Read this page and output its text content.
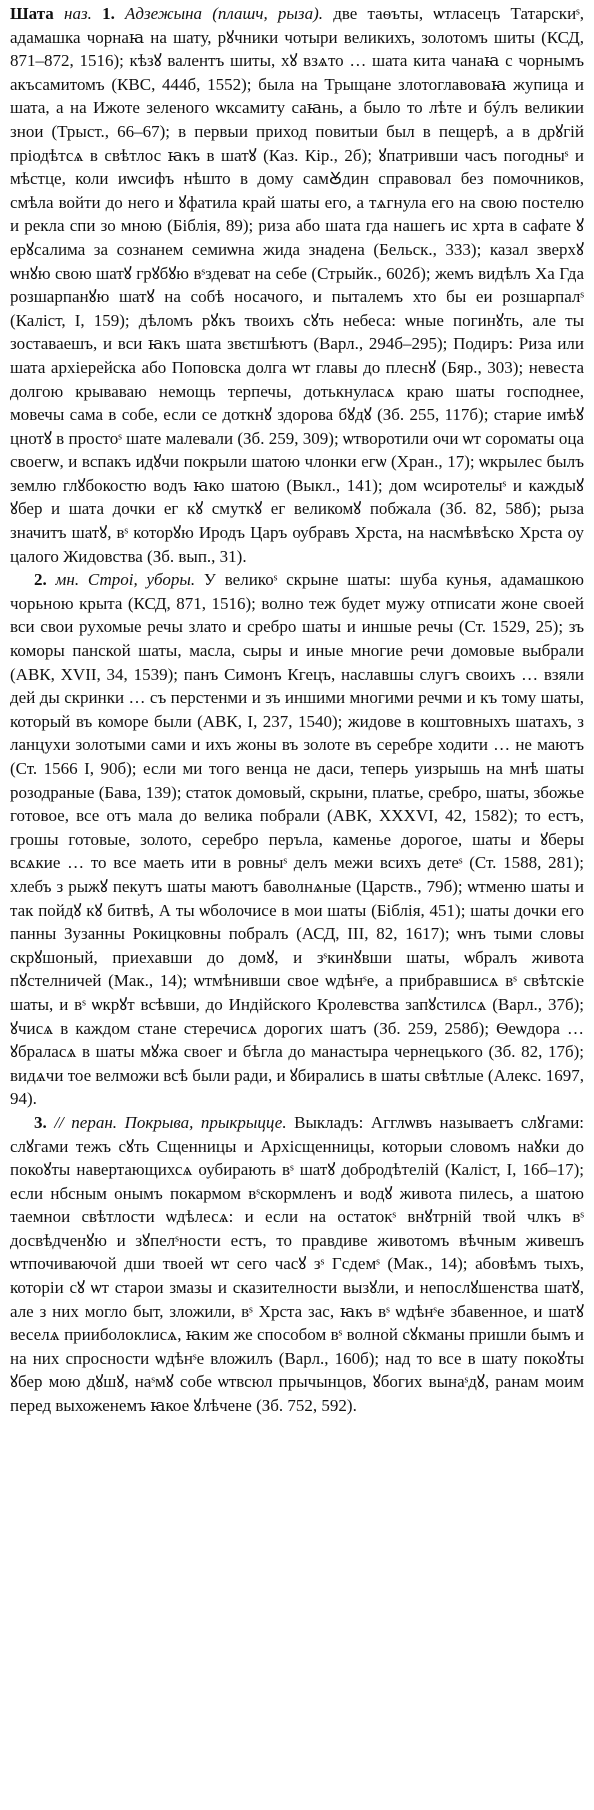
Шата наз. 1. Адзежына (плашч, рыза). две таѳъты, ѡтласецъ Татарскиˢ, адамашка чорнаꙗ на шату, рꙋчники чотыри великихъ, золотомъ шиты (КСД, 871–872, 1516); кѣзꙋ валентъ шиты, хꙋ взѧто … шата кита чанаꙗ с чорнымъ акъсамитомъ (КВС, 444б, 1552); была на Трыщане злотоглавоваꙗ жупица и шата, а на Ижоте зеленого ѡксамиту саꙗнь, а было то лѣте и бýлъ великии знои (Трыст., 66–67); в первыи приход повитыи был в пещерѣ, а в дрꙋгій пріодѣтсѧ в свѣтлос ꙗкъ в шатꙋ (Каз. Кір., 2б); ꙋпатривши часъ погодныˢ и мѣстце, коли иѡсифъ нѣшто в дому самꙊдин справовал без помочников, смѣла войти до него и ꙋфатила край шаты его, а тѧгнула его на свою постелю и рекла спи зо мною (Біблія, 89); риза або шата гда нашегь ис хрта в сафате ꙋ ерꙋсалима за сознанем семиѡна жида знадена (Бельск., 333); казал зверхꙋ ѡнꙋю свою шатꙋ грꙋбꙋю вˢздеват на себе (Стрыйк., 602б); жемъ видѣлъ Ха Гда розшарпанꙋю шатꙋ на собѣ носачого, и пыталемъ хто бы еи розшарпалˢ (Каліст, I, 159); дѣломъ рꙋкъ твоихъ сꙋть небеса: ѡные погинꙋть, але ты зоставаешъ, и вси ꙗкъ шата звєтшѣютъ (Варл., 294б–295); Подиръ: Риза или шата архіерейска або Поповска долга ѡт главы до плеснꙋ (Бяр., 303); невеста долгою крываваю немощь терпечы, дотькнуласѧ краю шаты господнее, мовечы сама в собе, если се доткнꙋ здорова бꙋдꙋ (Зб. 255, 117б); старие имѣꙋ цнотꙋ в простоˢ шате малевали (Зб. 259, 309); ѡтворотили очи ѡт сороматы оца своегѡ, и вспакъ идꙋчи покрыли шатою члонки егѡ (Хран., 17); ѡкрылес былъ землю глꙋбокостю водъ ꙗко шатою (Выкл., 141); дом ѡсиротелыˢ и каждыꙋ ꙋбер и шата дочки ег кꙋ смуткꙋ ег великомꙋ побжала (Зб. 82, 58б); рыза значитъ шатꙋ, вˢ которꙋю Иродъ Царъ оубравъ Хрста, на насмѣвѣско Хрста оу цалого Жидовства (Зб. вып., 31).

2. мн. Строі, уборы. У великоˢ скрыне шаты: шуба кунья, адамашкою чорьною крыта (КСД, 871, 1516); волно теж будет мужу отписати жоне своей вси свои рухомые речы злато и сребро шаты и иншые речы (Ст. 1529, 25); зъ коморы панской шаты, масла, сыры и иные многие речи домовые выбрали (АВК, XVII, 34, 1539); панъ Симонъ Кгецъ, наславшы слугъ своихъ … взяли дей ды скринки … съ перстенми и зъ иншими многими речми и къ тому шаты, который въ коморе были (АВК, I, 237, 1540); жидове в коштовныхъ шатахъ, з ланцухи золотыми сами и ихъ жоны въ золоте въ серебре ходити … не маютъ (Ст. 1566 I, 90б); если ми того венца не даси, теперь уизрышь на мнѣ шаты розодраные (Бава, 139); статок домовый, скрыни, платье, сребро, шаты, збожье готовое, все отъ мала до велика побрали (АВК, XXXVI, 42, 1582); то естъ, грошы готовые, золото, серебро перъла, каменье дорогое, шаты и ꙋберы всѧкие … то все маеть ити в ровныˢ делъ межи всихъ детеˢ (Ст. 1588, 281); хлебъ з рыжꙋ пекутъ шаты маютъ баволнѧные (Царств., 79б); ѡтменю шаты и так пойдꙋ кꙋ битвѣ, А ты ѡболочисе в мои шаты (Біблія, 451); шаты дочки его панны Зузанны Рокицковны побралъ (АСД, III, 82, 1617); ѡнъ тыми словы скрꙋшоный, приехавши до домꙋ, и зˢкинꙋвши шаты, ѡбралъ живота пꙋстелничей (Мак., 14); ѡтмѣнивши свое ѡдѣнˢе, а прибравшисѧ вˢ свѣтскіе шаты, и вˢ ѡкрꙋт всѣвши, до Индійского Кролевства запꙋстилсѧ (Варл., 37б); ꙋчисѧ в каждом стане стеречисѧ дорогих шатъ (Зб. 259, 258б); Ѳеѡдора … ꙋбраласѧ в шаты мꙋжа своег и бѣгла до манастыра чернецького (Зб. 82, 17б); видѧчи тое велможи всѣ были ради, и ꙋбирались в шаты свѣтлые (Алекс. 1697, 94).

3. // перан. Покрыва, прыкрыцце. Выкладъ: Агглѡвъ называетъ слꙋгами: слꙋгами тежъ сꙋть Сщенницы и Архісщенницы, которыи словомъ наꙋки до покоꙋты навертающихсѧ оубирають вˢ шатꙋ добродѣтелій (Каліст, I, 16б–17); если нбсным онымъ покармом вˢскормленъ и водꙋ живота пилесь, а шатою таемнои свѣтлости ѡдѣлесѧ: и если на остатокˢ внꙋтрній твой члкъ вˢ досвѣдченꙋю и зꙋпелˢности естъ, то правдиве животомъ вѣчным живешъ ѡтпочиваючой дши твоей ѡт сего часꙋ зˢ Гсдемˢ (Мак., 14); абовѣмъ тыхъ, которіи сꙋ ѡт старои змазы и сказителности вызꙋли, и непослꙋшенства шатꙋ, але з них могло быт, зложили, вˢ Хрста зас, ꙗкъ вˢ ѡдѣнˢе збавенное, и шатꙋ веселѧ прииболоклисѧ, ꙗким же способом вˢ волной сꙋкманы пришли бымъ и на них спросности ѡдѣнˢе вложилъ (Варл., 160б); над то все в шату покоꙋты ꙋбер мою дꙋшꙋ, наˢмꙋ собе ѡтвсюл прычынцов, ꙋбогих вынаˢдꙋ, ранам моим перед выхоженемъ ꙗкое ꙋлѣчене (Зб. 752, 592).
